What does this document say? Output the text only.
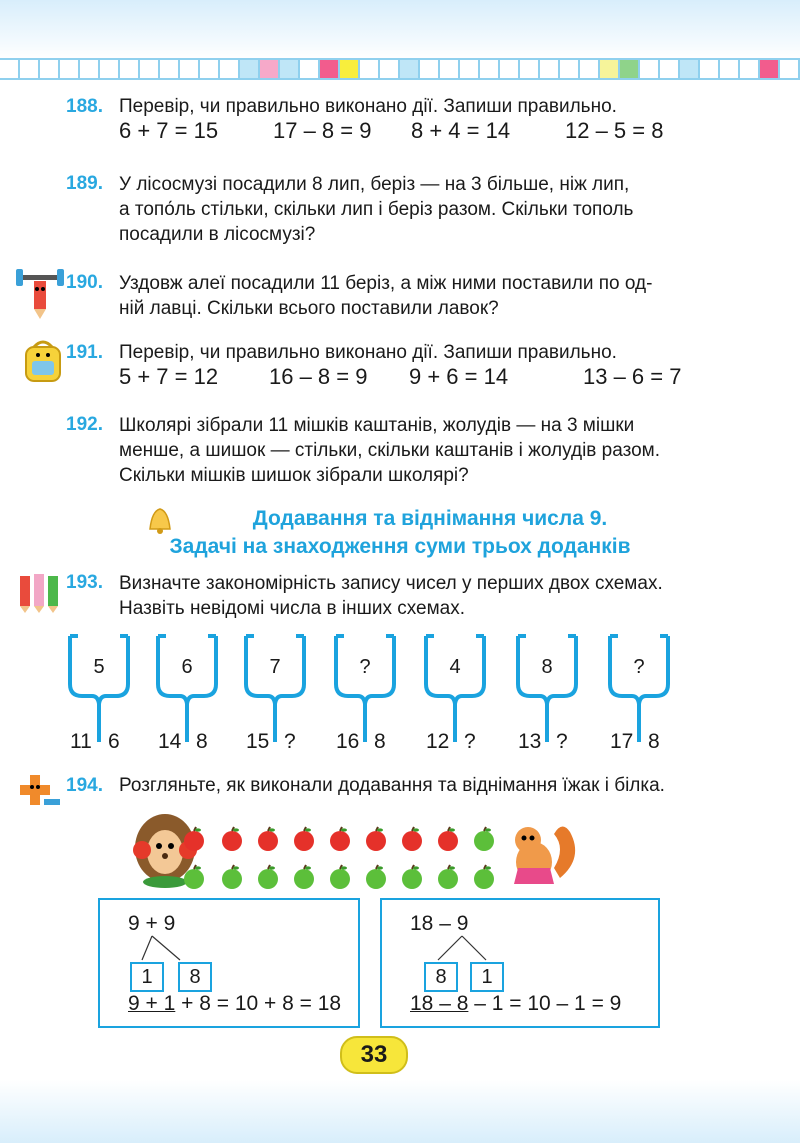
188. Перевір, чи правильно виконано дії. Запиши правильно.
6 + 7 = 15 17 – 8 = 9 8 + 4 = 14 12 – 5 = 8
189. У лісосмузі посадили 8 лип, беріз — на 3 більше, ніж лип,
а топо́ль стільки, скільки лип і беріз разом. Скільки тополь
посадили в лісосмузі?
190. Уздовж алеї посадили 11 беріз, а між ними поставили по од-
ній лавці. Скільки всього поставили лавок?
191. Перевір, чи правильно виконано дії. Запиши правильно.
5 + 7 = 12 16 – 8 = 9 9 + 6 = 14	13 – 6 = 7
192. Школярі зібрали 11 мішків каштанів, жолудів — на 3 мішки
менше, а шишок — стільки, скільки каштанів і жолудів разом.
Скільки мішків шишок зібрали школярі?
Додавання та віднімання числа 9.
Задачі на знаходження суми трьох доданків
193. Визначте закономірність запису чисел у перших двох схемах.
Назвіть невідомі числа в інших схемах.
5
11 6
6
14 8
7
15 ?
?
16 8
4
12 ?
8
13 ?
?
17 8
194. Розгляньте, як виконали додавання та віднімання їжак і білка.
9 + 9
1	8
9 + 1 + 8 = 10 + 8 = 18
18 – 9
8	1
18 – 8 – 1 = 10 – 1 = 9
33
